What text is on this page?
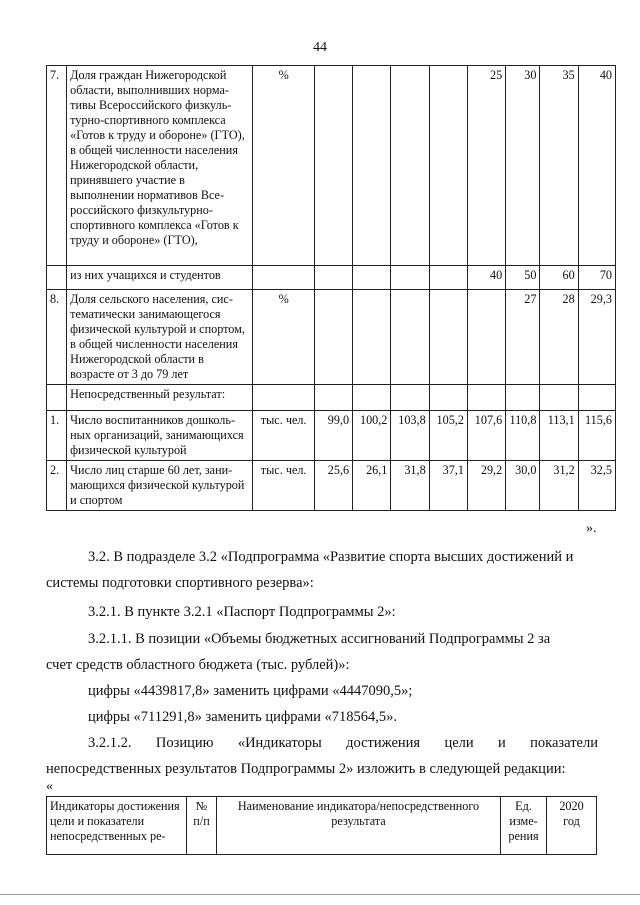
44
7.	Доля граждан Нижегородской области, выполнивших нормативы Всероссийского физкультурно-спортивного комплекса «Готов к труду и обороне» (ГТО), в общей численности населения Нижегородской области, принявшего участие в выполнении нормативов Всероссийского физкультурно-спортивного комплекса «Готов к труду и обороне» (ГТО),	%					25	30	35	40
	из них учащихся и студентов						40	50	60	70
8.	Доля сельского населения, систематически занимающегося физической культурой и спортом, в общей численности населения Нижегородской области в возрасте от 3 до 79 лет	%						27	28	29,3
	Непосредственный результат:									
1.	Число воспитанников дошкольных организаций, занимающихся физической культурой	тыс. чел.	99,0	100,2	103,8	105,2	107,6	110,8	113,1	115,6
2.	Число лиц старше 60 лет, занимающихся физической культурой и спортом	тыс. чел.	25,6	26,1	31,8	37,1	29,2	30,0	31,2	32,5
».
3.2. В подразделе 3.2 «Подпрограмма «Развитие спорта высших достижений и
системы подготовки спортивного резерва»:
3.2.1. В пункте 3.2.1 «Паспорт Подпрограммы 2»:
3.2.1.1. В позиции «Объемы бюджетных ассигнований Подпрограммы 2 за
счет средств областного бюджета (тыс. рублей)»:
цифры «4439817,8» заменить цифрами «4447090,5»;
цифры «711291,8» заменить цифрами «718564,5».
3.2.1.2. Позицию «Индикаторы достижения цели и показатели
непосредственных результатов Подпрограммы 2» изложить в следующей редакции:
«
Индикаторы достижения цели и показатели непосредственных ре-	№ п/п	Наименование индикатора/непосредственного результата	Ед. измерения	2020 год
